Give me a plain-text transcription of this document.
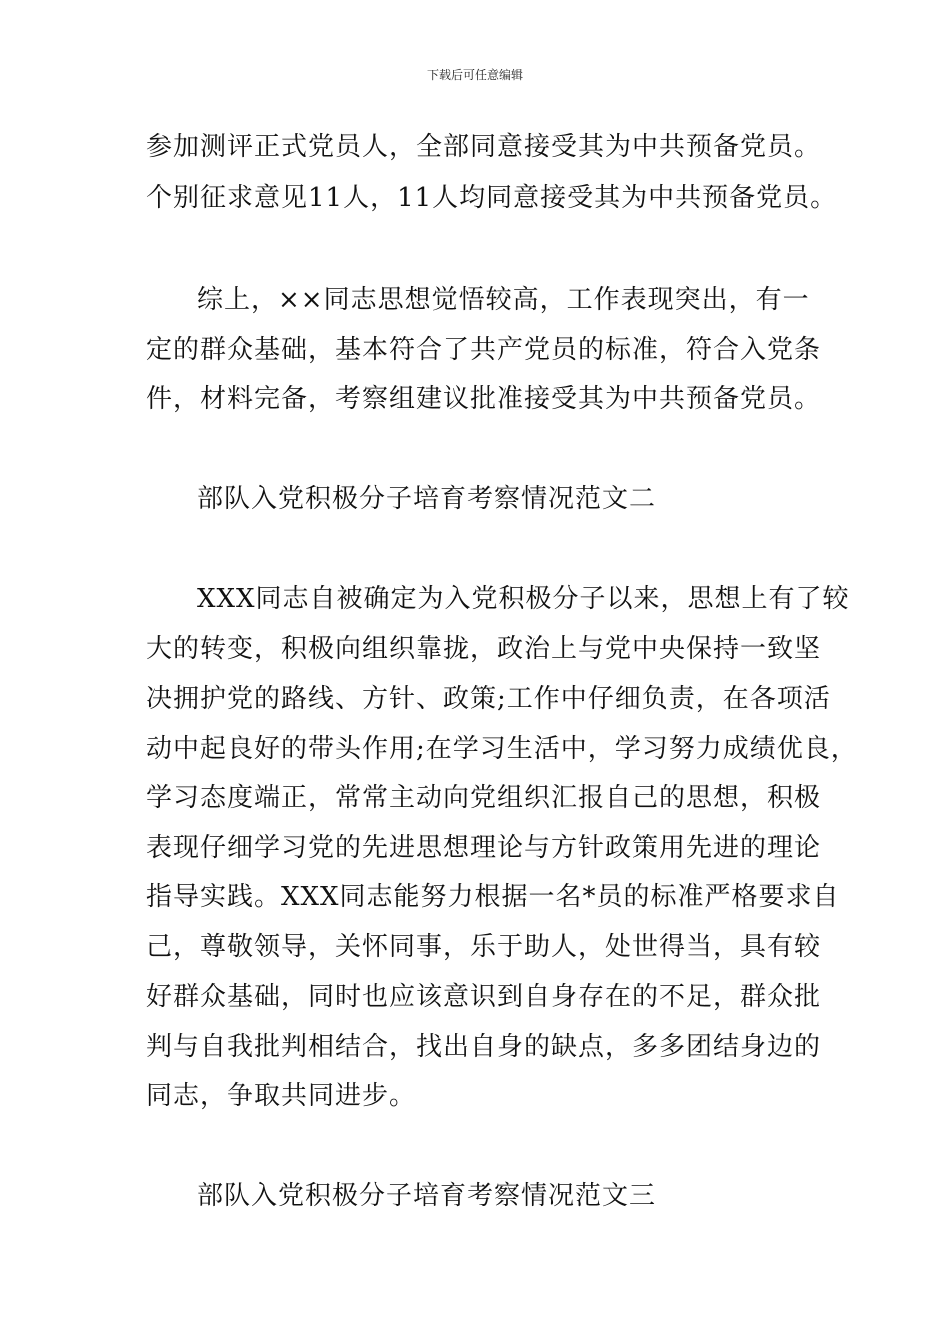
下载后可任意编辑
参加测评正式党员人，全部同意接受其为中共预备党员。
个别征求意见11人，11人均同意接受其为中共预备党员。
综上，××同志思想觉悟较高，工作表现突出，有一
定的群众基础，基本符合了共产党员的标准，符合入党条
件，材料完备，考察组建议批准接受其为中共预备党员。
部队入党积极分子培育考察情况范文二
XXX同志自被确定为入党积极分子以来，思想上有了较
大的转变，积极向组织靠拢，政治上与党中央保持一致坚
决拥护党的路线、方针、政策;工作中仔细负责，在各项活
动中起良好的带头作用;在学习生活中，学习努力成绩优良，
学习态度端正，常常主动向党组织汇报自己的思想，积极
表现仔细学习党的先进思想理论与方针政策用先进的理论
指导实践。XXX同志能努力根据一名*员的标准严格要求自
己，尊敬领导，关怀同事，乐于助人，处世得当，具有较
好群众基础，同时也应该意识到自身存在的不足，群众批
判与自我批判相结合，找出自身的缺点，多多团结身边的
同志，争取共同进步。
部队入党积极分子培育考察情况范文三
